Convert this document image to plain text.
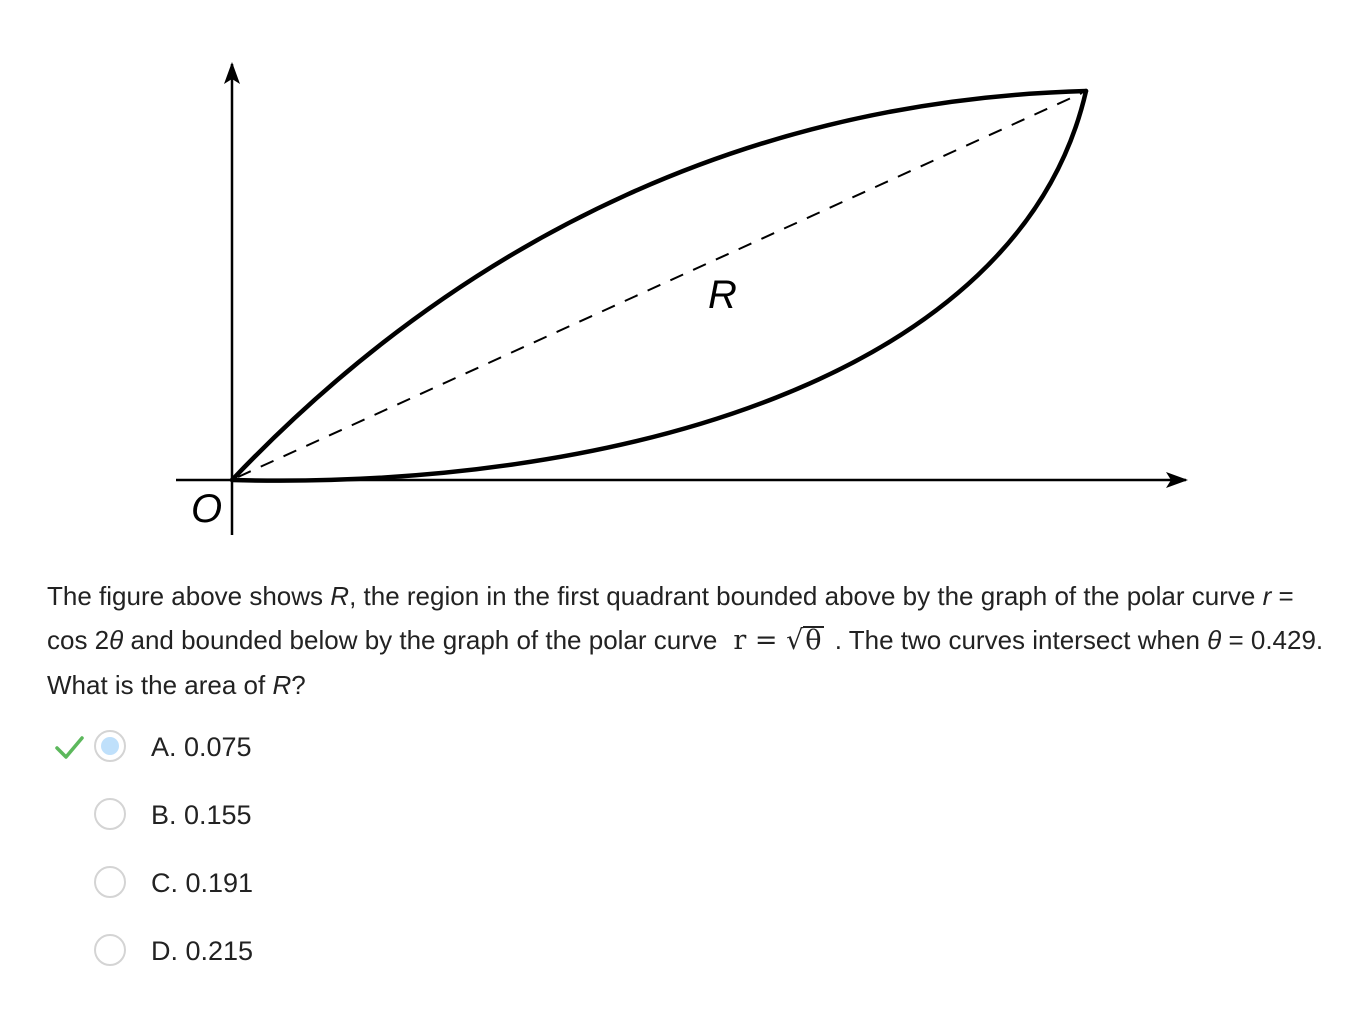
R
O
The figure above shows R, the region in the first quadrant bounded above by the graph of the polar curve r = cos 2θ and bounded below by the graph of the polar curve r = √θ . The two curves intersect when θ = 0.429. What is the area of R?
A. 0.075
B. 0.155
C. 0.191
D. 0.215
